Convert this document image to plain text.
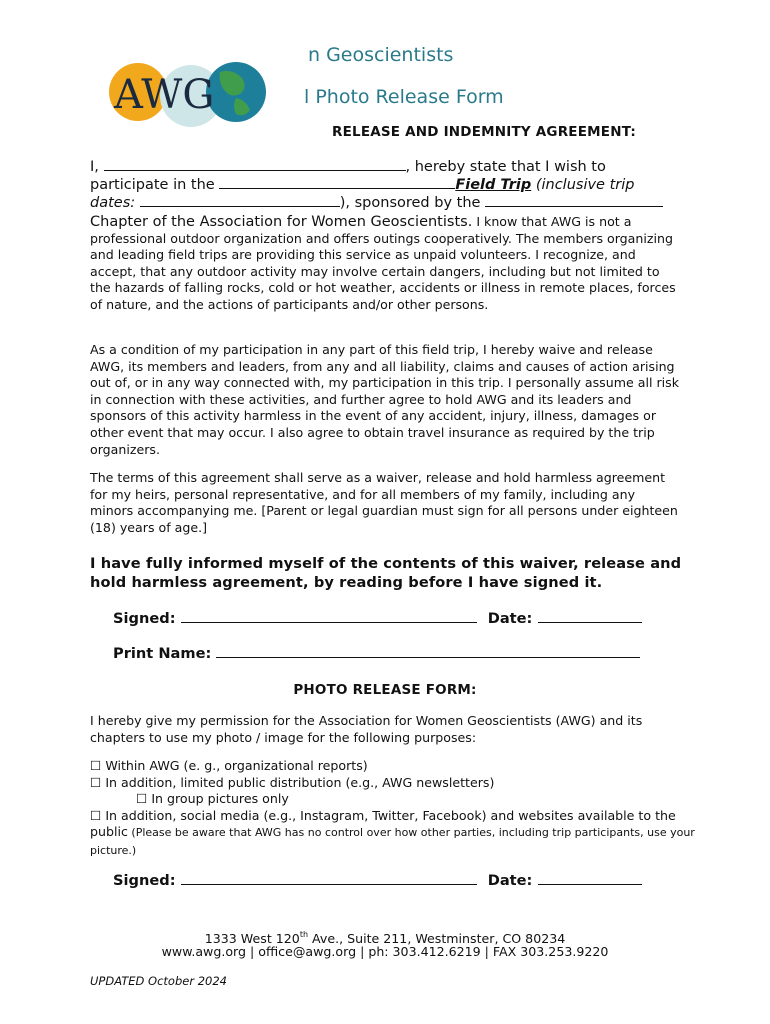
AWG
n Geoscientists
l Photo Release Form
RELEASE AND INDEMNITY AGREEMENT:
I,	, hereby state that I wish to
participate in the	Field Trip (inclusive trip
dates:	), sponsored by the
Chapter of the Association for Women Geoscientists. I know that AWG is not a professional outdoor organization and offers outings cooperatively. The members organizing and leading field trips are providing this service as unpaid volunteers. I recognize, and accept, that any outdoor activity may involve certain dangers, including but not limited to the hazards of falling rocks, cold or hot weather, accidents or illness in remote places, forces of nature, and the actions of participants and/or other persons.
As a condition of my participation in any part of this field trip, I hereby waive and release AWG, its members and leaders, from any and all liability, claims and causes of action arising out of, or in any way connected with, my participation in this trip. I personally assume all risk in connection with these activities, and further agree to hold AWG and its leaders and sponsors of this activity harmless in the event of any accident, injury, illness, damages or other event that may occur. I also agree to obtain travel insurance as required by the trip organizers.
The terms of this agreement shall serve as a waiver, release and hold harmless agreement for my heirs, personal representative, and for all members of my family, including any minors accompanying me. [Parent or legal guardian must sign for all persons under eighteen (18) years of age.]
I have fully informed myself of the contents of this waiver, release and hold harmless agreement, by reading before I have signed it.
Signed:	Date:
Print Name:
PHOTO RELEASE FORM:
I hereby give my permission for the Association for Women Geoscientists (AWG) and its chapters to use my photo / image for the following purposes:
☐ Within AWG (e. g., organizational reports)
☐ In addition, limited public distribution (e.g., AWG newsletters)
☐ In group pictures only
☐ In addition, social media (e.g., Instagram, Twitter, Facebook) and websites available to the public (Please be aware that AWG has no control over how other parties, including trip participants, use your picture.)
Signed:	Date:
1333 West 120th Ave., Suite 211, Westminster, CO 80234
www.awg.org | office@awg.org | ph: 303.412.6219 | FAX 303.253.9220
UPDATED October 2024
